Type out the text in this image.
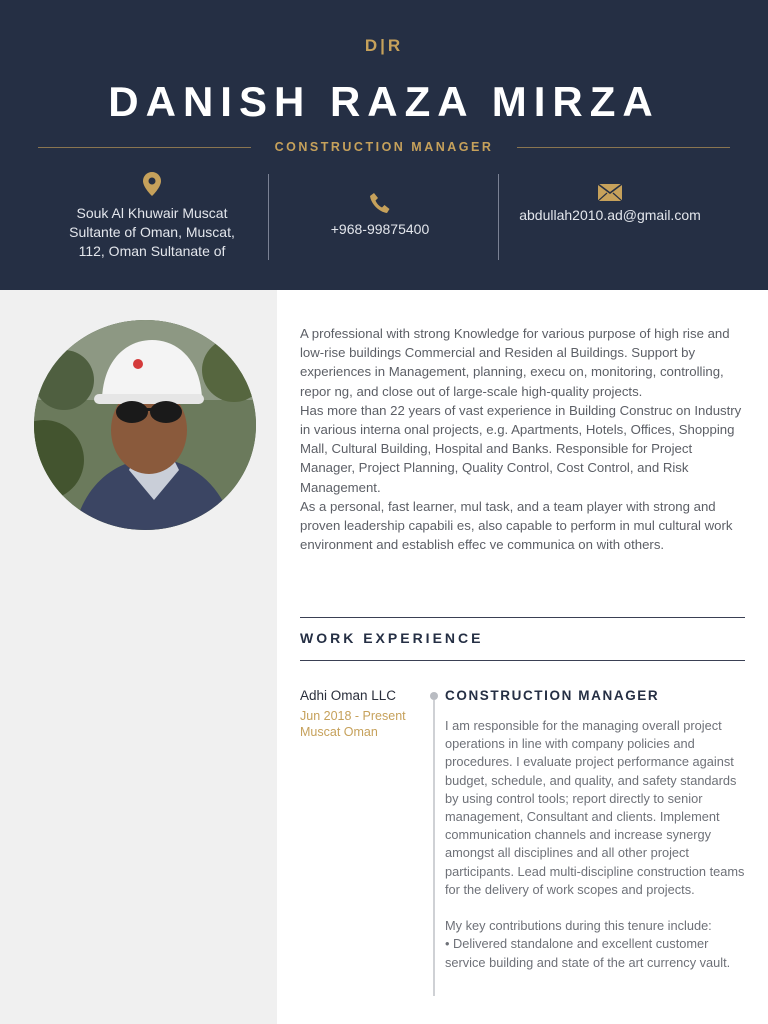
D|R
DANISH RAZA MIRZA
CONSTRUCTION MANAGER
Souk Al Khuwair Muscat
Sultante of Oman, Muscat,
112, Oman Sultanate of
+968-99875400
abdullah2010.ad@gmail.com

A professional with strong Knowledge for various purpose of high rise and low-rise buildings Commercial and Residen al Buildings. Support by experiences in Management, planning, execu on, monitoring, controlling, repor ng, and close out of large-scale high-quality projects.

Has more than 22 years of vast experience in Building Construc on Industry in various interna onal projects, e.g. Apartments, Hotels, Offices, Shopping Mall, Cultural Building, Hospital and Banks. Responsible for Project Manager, Project Planning, Quality Control, Cost Control, and Risk Management.

As a personal, fast learner, mul task, and a team player with strong and proven leadership capabili es, also capable to perform in mul cultural work environment and establish effec ve communica on with others.

WORK EXPERIENCE
Adhi Oman LLC
Jun 2018 - Present
Muscat Oman
CONSTRUCTION MANAGER

I am responsible for the managing overall project operations in line with company policies and procedures. I evaluate project performance against budget, schedule, and quality, and safety standards by using control tools; report directly to senior management, Consultant and clients. Implement communication channels and increase synergy amongst all disciplines and all other project participants. Lead multi-discipline construction teams for the delivery of work scopes and projects.

My key contributions during this tenure include:

• Delivered standalone and excellent customer service building and state of the art currency vault.
